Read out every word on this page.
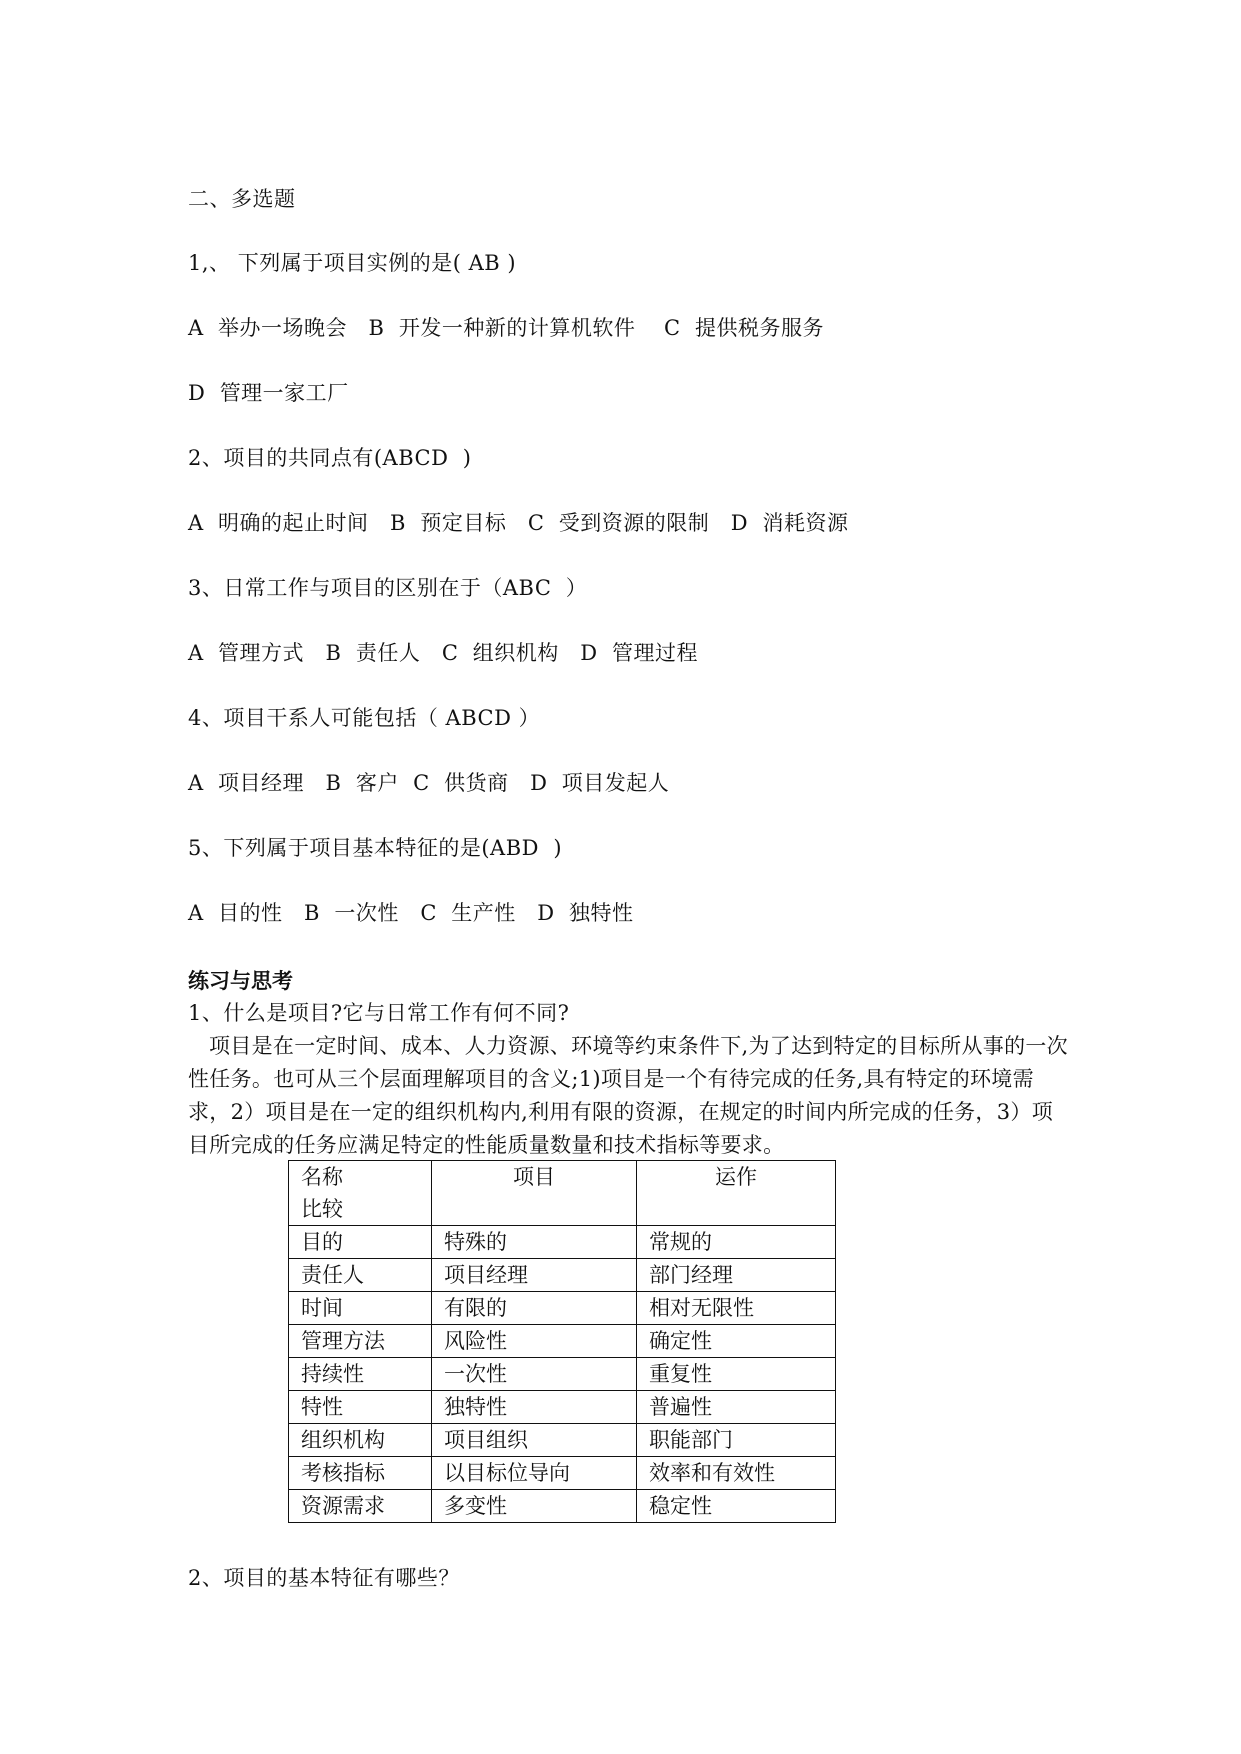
二、多选题
1,、 下列属于项目实例的是( AB )
A  举办一场晚会   B  开发一种新的计算机软件    C  提供税务服务
D  管理一家工厂
2、项目的共同点有(ABCD  )
A  明确的起止时间   B  预定目标   C  受到资源的限制   D  消耗资源
3、日常工作与项目的区别在于（ABC  ）
A  管理方式   B  责任人   C  组织机构   D  管理过程
4、项目干系人可能包括（ ABCD ）
A  项目经理   B  客户  C  供货商   D  项目发起人
5、下列属于项目基本特征的是(ABD  )
A  目的性   B  一次性   C  生产性   D  独特性
练习与思考
1、什么是项目?它与日常工作有何不同?
项目是在一定时间、成本、人力资源、环境等约束条件下,为了达到特定的目标所从事的一次性任务。也可从三个层面理解项目的含义;1)项目是一个有待完成的任务,具有特定的环境需求，2）项目是在一定的组织机构内,利用有限的资源，在规定的时间内所完成的任务，3）项目所完成的任务应满足特定的性能质量数量和技术指标等要求。
名称
比较	项目	运作
目的	特殊的	常规的
责任人	项目经理	部门经理
时间	有限的	相对无限性
管理方法	风险性	确定性
持续性	一次性	重复性
特性	独特性	普遍性
组织机构	项目组织	职能部门
考核指标	以目标位导向	效率和有效性
资源需求	多变性	稳定性
2、项目的基本特征有哪些？
